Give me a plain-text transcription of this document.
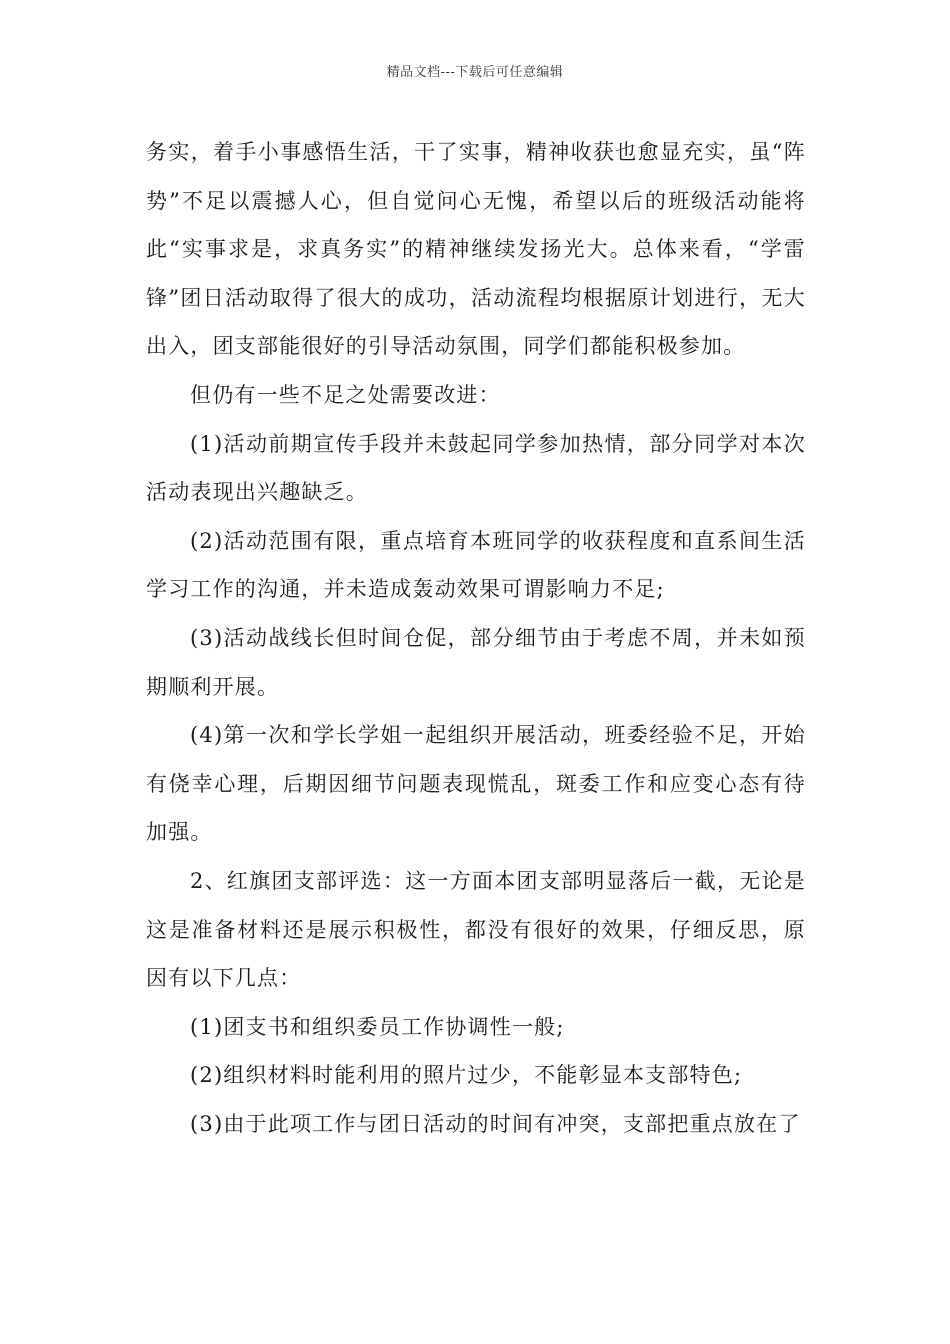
精品文档---下载后可任意编辑

务实，着手小事感悟生活，干了实事，精神收获也愈显充实，虽“阵势”不足以震撼人心，但自觉问心无愧，希望以后的班级活动能将此“实事求是，求真务实”的精神继续发扬光大。总体来看，“学雷锋”团日活动取得了很大的成功，活动流程均根据原计划进行，无大出入，团支部能很好的引导活动氛围，同学们都能积极参加。

但仍有一些不足之处需要改进：

(1)活动前期宣传手段并未鼓起同学参加热情，部分同学对本次活动表现出兴趣缺乏。

(2)活动范围有限，重点培育本班同学的收获程度和直系间生活学习工作的沟通，并未造成轰动效果可谓影响力不足;

(3)活动战线长但时间仓促，部分细节由于考虑不周，并未如预期顺利开展。

(4)第一次和学长学姐一起组织开展活动，班委经验不足，开始有侥幸心理，后期因细节问题表现慌乱，斑委工作和应变心态有待加强。

2、红旗团支部评选：这一方面本团支部明显落后一截，无论是这是准备材料还是展示积极性，都没有很好的效果，仔细反思，原因有以下几点：

(1)团支书和组织委员工作协调性一般;

(2)组织材料时能利用的照片过少，不能彰显本支部特色;

(3)由于此项工作与团日活动的时间有冲突，支部把重点放在了
